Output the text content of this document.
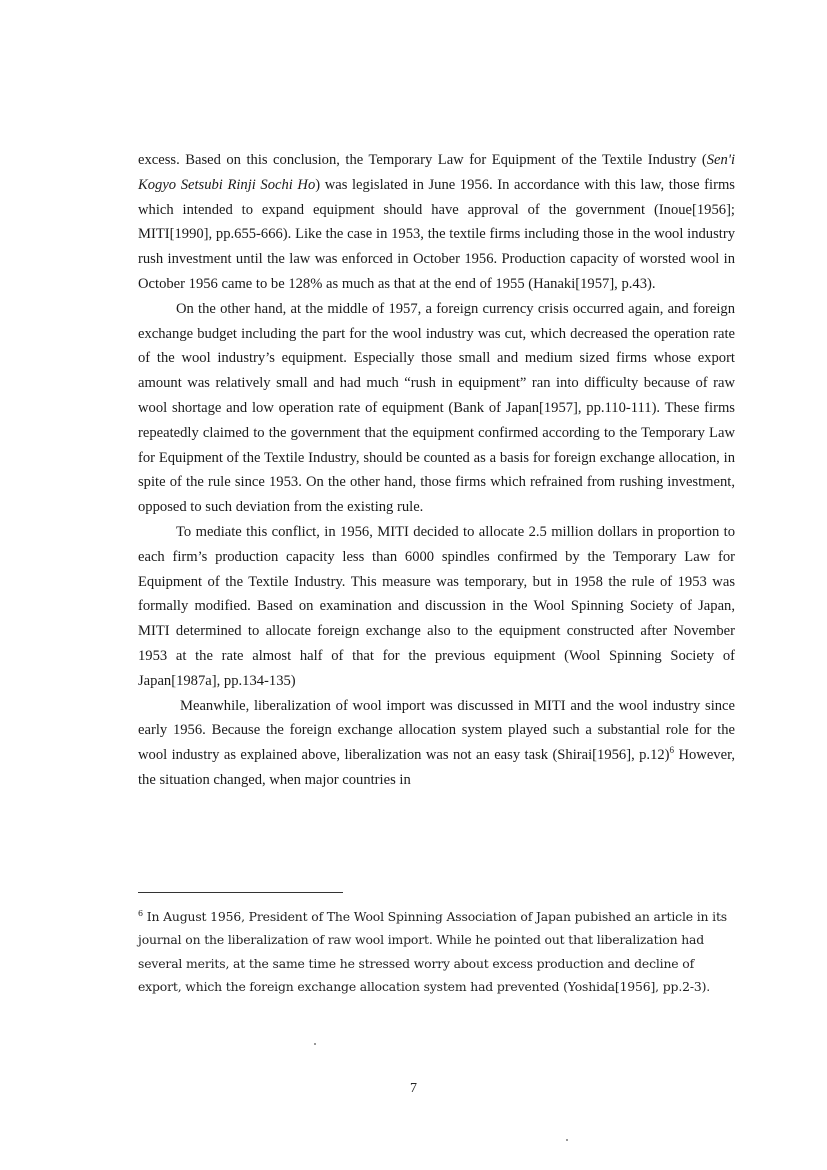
excess. Based on this conclusion, the Temporary Law for Equipment of the Textile Industry (Sen'i Kogyo Setsubi Rinji Sochi Ho) was legislated in June 1956. In accordance with this law, those firms which intended to expand equipment should have approval of the government (Inoue[1956]; MITI[1990], pp.655-666). Like the case in 1953, the textile firms including those in the wool industry rush investment until the law was enforced in October 1956. Production capacity of worsted wool in October 1956 came to be 128% as much as that at the end of 1955 (Hanaki[1957], p.43).

On the other hand, at the middle of 1957, a foreign currency crisis occurred again, and foreign exchange budget including the part for the wool industry was cut, which decreased the operation rate of the wool industry’s equipment. Especially those small and medium sized firms whose export amount was relatively small and had much “rush in equipment” ran into difficulty because of raw wool shortage and low operation rate of equipment (Bank of Japan[1957], pp.110-111). These firms repeatedly claimed to the government that the equipment confirmed according to the Temporary Law for Equipment of the Textile Industry, should be counted as a basis for foreign exchange allocation, in spite of the rule since 1953. On the other hand, those firms which refrained from rushing investment, opposed to such deviation from the existing rule.

To mediate this conflict, in 1956, MITI decided to allocate 2.5 million dollars in proportion to each firm’s production capacity less than 6000 spindles confirmed by the Temporary Law for Equipment of the Textile Industry. This measure was temporary, but in 1958 the rule of 1953 was formally modified. Based on examination and discussion in the Wool Spinning Society of Japan, MITI determined to allocate foreign exchange also to the equipment constructed after November 1953 at the rate almost half of that for the previous equipment (Wool Spinning Society of Japan[1987a], pp.134-135)

Meanwhile, liberalization of wool import was discussed in MITI and the wool industry since early 1956. Because the foreign exchange allocation system played such a substantial role for the wool industry as explained above, liberalization was not an easy task (Shirai[1956], p.12)$^6$ However, the situation changed, when major countries in

$^6$ In August 1956, President of The Wool Spinning Association of Japan pubished an article in its journal on the liberalization of raw wool import. While he pointed out that liberalization had several merits, at the same time he stressed worry about excess production and decline of export, which the foreign exchange allocation system had prevented (Yoshida[1956], pp.2-3).

7
